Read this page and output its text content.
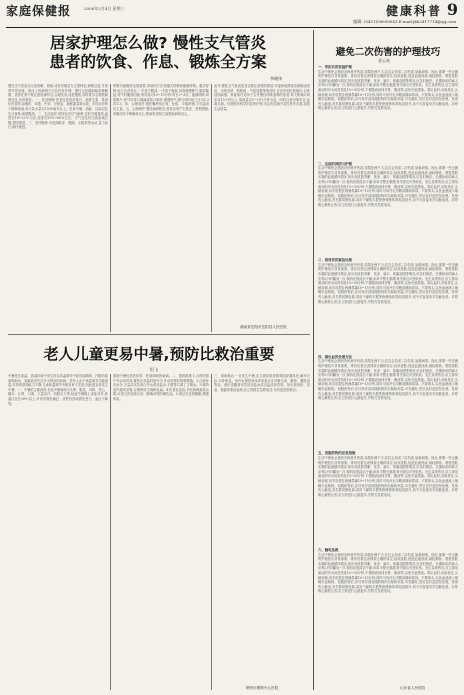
家庭保健报	2008年2月4日 星期三	健康科普 9
编辑: (0451)98658043 E-mail:jkb2417714@qq.com
居家护理怎么做? 慢性支气管炎
患者的饮食、作息、锻炼全方案
李晓伟
慢性支气管炎以反复咳嗽、咳痰,或伴有喘息为主要特征,病程迁延,冬春季节易加重。临床上将病情分为急性发作期、慢性迁延期和临床缓解期。患者在家中要注意规律作息,合理饮食,适度锻炼,同时要学会观察病情变化,及时就医。一、饮食调理 患者宜进食高蛋白、高维生素、易消化的食物,如瘦肉、鸡蛋、牛奶、豆制品、新鲜蔬菜和水果。多饮水有利于稀释痰液,每天饮水量在1500毫升以上。忌食辛辣、油腻、过咸以及生冷食物,戒烟限酒。二、生活起居 保持室内空气新鲜,定时开窗通风,温度在18~22℃为宜,湿度在50%~60%左右。天气变化时注意添减衣服,预防感冒。三、坚持锻炼 可选择散步、慢跑、太极拳等运动,量力而行,循序渐进。
呼吸功能锻炼也很重要,常用的方法有腹式呼吸和缩唇呼吸。腹式呼吸:取立位或坐位,一手放于腹部,一手放于胸部,用鼻缓慢吸气,腹部隆起,呼气时腹部回缩,每次练习10~15分钟,每日2~3次。缩唇呼吸:用鼻吸气,呼气时将口唇缩成吹口哨状,缓慢呼气,吸与呼时间之比为1:2或1:3。四、合理用药 遵医嘱使用止咳、化痰、平喘药物,不可滥用抗生素。五、心理调护 慢性病病程长,患者容易产生焦虑、悲观情绪,家属应给予理解和关心,帮助患者树立战胜疾病的信心。
此外,慢性支气管炎患者还要注意预防感冒,可接种流感疫苗和肺炎疫苗。出现发热、咳脓痰、气促加重等情况时,应及时到医院就诊,以免延误病情。家庭氧疗适用于合并慢性呼吸衰竭的患者,每天吸氧时间应在15小时以上,氧流量以1~2升/分钟为宜。同时注意用氧安全,远离火源。长期坚持科学的居家护理,可以有效减少急性发作次数,改善生活质量。
湖南省岳阳市岳阳县人民医院
老人儿童更易中暑,预防比救治重要
恒飞
中暑是在高温、高湿环境中发生的以体温调节中枢功能障碍、汗腺功能衰竭和水、电解质丢失过多为特征的疾病。老年人由于体温调节功能减退,对热的感知能力下降;儿童体温调节中枢发育不完善,因此更容易发生中暑。一、中暑的主要表现 先兆中暑表现为头晕、眼花、耳鸣、恶心、胸闷、心悸、口渴、大量出汗、四肢无力等;轻症中暑除上述症状外,体温往往在38℃以上,可伴有面色潮红、皮肤灼热或面色苍白、血压下降等。
重症中暑包括热痉挛、热衰竭和热射病。二、预防措施 1.合理安排户外活动时间,避免在高温时段外出,外出时做好防晒措施。2.注意补充水分,少量多次饮用白开水或淡盐水,不要等口渴了才喝水。3.保持室内通风凉爽,合理使用空调和电扇。4.饮食宜清淡,多吃新鲜蔬菜水果,可适当饮用绿豆汤、酸梅汤等防暑饮品。5.保证充足的睡眠,增强体质。
三、现场救治 一旦发生中暑,应立即将患者移到阴凉通风处,解开衣扣,平卧休息。用冷水擦拭身体或用湿毛巾冷敷头部、腋窝、腹股沟等处。意识清醒者可饮用淡盐水或含盐清凉饮料。如出现高热、昏迷、抽搐等重症表现,应立即拨打急救电话,尽快送医院救治。
柳州市柳铁中心医院
避免二次伤害的护理技巧
晋云英
一、骨折后的家庭护理
生活中难免会遇到各种意外伤害,如果处理不当,往往会造成二次伤害,加重病情。因此,掌握一些正确的护理技巧非常重要。骨折后要注意保持正确的体位,抬高患肢,促进血液回流,减轻肿胀。观察患肢末端的血液循环情况,如出现皮肤青紫、发凉、麻木、疼痛加剧等情况,应及时就医。长期卧床的病人应每2小时翻身一次,保持皮肤清洁干燥,床单平整无皱褶,骨突部位可垫软枕。发生烧烫伤后,应立即用流动的冷水冲洗伤处15~30分钟,不要随意涂抹牙膏、酱油等,以免引起感染。鼻出血时,应取坐位,头稍前倾,用手指捏住两侧鼻翼10~15分钟,同时可用冷毛巾敷前额和鼻部。不要仰头,以免血液流入咽喉引起呛咳。误服药物后,应尽快弄清误服药物的名称和剂量,可先催吐,然后及时送医院处理。发现有人触电,首先要切断电源,或用干燥的木棍等绝缘物体将电线挑开,切不可直接用手拉触电者。对呼吸心跳停止者,应立即进行心肺复苏,并拨打急救电话。
二、压疮的预防与护理
生活中难免会遇到各种意外伤害,如果处理不当,往往会造成二次伤害,加重病情。因此,掌握一些正确的护理技巧非常重要。骨折后要注意保持正确的体位,抬高患肢,促进血液回流,减轻肿胀。观察患肢末端的血液循环情况,如出现皮肤青紫、发凉、麻木、疼痛加剧等情况,应及时就医。长期卧床的病人应每2小时翻身一次,保持皮肤清洁干燥,床单平整无皱褶,骨突部位可垫软枕。发生烧烫伤后,应立即用流动的冷水冲洗伤处15~30分钟,不要随意涂抹牙膏、酱油等,以免引起感染。鼻出血时,应取坐位,头稍前倾,用手指捏住两侧鼻翼10~15分钟,同时可用冷毛巾敷前额和鼻部。不要仰头,以免血液流入咽喉引起呛咳。误服药物后,应尽快弄清误服药物的名称和剂量,可先催吐,然后及时送医院处理。发现有人触电,首先要切断电源,或用干燥的木棍等绝缘物体将电线挑开,切不可直接用手拉触电者。对呼吸心跳停止者,应立即进行心肺复苏,并拨打急救电话。
三、烧烫伤的紧急处理
生活中难免会遇到各种意外伤害,如果处理不当,往往会造成二次伤害,加重病情。因此,掌握一些正确的护理技巧非常重要。骨折后要注意保持正确的体位,抬高患肢,促进血液回流,减轻肿胀。观察患肢末端的血液循环情况,如出现皮肤青紫、发凉、麻木、疼痛加剧等情况,应及时就医。长期卧床的病人应每2小时翻身一次,保持皮肤清洁干燥,床单平整无皱褶,骨突部位可垫软枕。发生烧烫伤后,应立即用流动的冷水冲洗伤处15~30分钟,不要随意涂抹牙膏、酱油等,以免引起感染。鼻出血时,应取坐位,头稍前倾,用手指捏住两侧鼻翼10~15分钟,同时可用冷毛巾敷前额和鼻部。不要仰头,以免血液流入咽喉引起呛咳。误服药物后,应尽快弄清误服药物的名称和剂量,可先催吐,然后及时送医院处理。发现有人触电,首先要切断电源,或用干燥的木棍等绝缘物体将电线挑开,切不可直接用手拉触电者。对呼吸心跳停止者,应立即进行心肺复苏,并拨打急救电话。
四、鼻出血的处理方法
生活中难免会遇到各种意外伤害,如果处理不当,往往会造成二次伤害,加重病情。因此,掌握一些正确的护理技巧非常重要。骨折后要注意保持正确的体位,抬高患肢,促进血液回流,减轻肿胀。观察患肢末端的血液循环情况,如出现皮肤青紫、发凉、麻木、疼痛加剧等情况,应及时就医。长期卧床的病人应每2小时翻身一次,保持皮肤清洁干燥,床单平整无皱褶,骨突部位可垫软枕。发生烧烫伤后,应立即用流动的冷水冲洗伤处15~30分钟,不要随意涂抹牙膏、酱油等,以免引起感染。鼻出血时,应取坐位,头稍前倾,用手指捏住两侧鼻翼10~15分钟,同时可用冷毛巾敷前额和鼻部。不要仰头,以免血液流入咽喉引起呛咳。误服药物后,应尽快弄清误服药物的名称和剂量,可先催吐,然后及时送医院处理。发现有人触电,首先要切断电源,或用干燥的木棍等绝缘物体将电线挑开,切不可直接用手拉触电者。对呼吸心跳停止者,应立即进行心肺复苏,并拨打急救电话。
五、误服药物的应急措施
生活中难免会遇到各种意外伤害,如果处理不当,往往会造成二次伤害,加重病情。因此,掌握一些正确的护理技巧非常重要。骨折后要注意保持正确的体位,抬高患肢,促进血液回流,减轻肿胀。观察患肢末端的血液循环情况,如出现皮肤青紫、发凉、麻木、疼痛加剧等情况,应及时就医。长期卧床的病人应每2小时翻身一次,保持皮肤清洁干燥,床单平整无皱褶,骨突部位可垫软枕。发生烧烫伤后,应立即用流动的冷水冲洗伤处15~30分钟,不要随意涂抹牙膏、酱油等,以免引起感染。鼻出血时,应取坐位,头稍前倾,用手指捏住两侧鼻翼10~15分钟,同时可用冷毛巾敷前额和鼻部。不要仰头,以免血液流入咽喉引起呛咳。误服药物后,应尽快弄清误服药物的名称和剂量,可先催吐,然后及时送医院处理。发现有人触电,首先要切断电源,或用干燥的木棍等绝缘物体将电线挑开,切不可直接用手拉触电者。对呼吸心跳停止者,应立即进行心肺复苏,并拨打急救电话。
六、触电急救
生活中难免会遇到各种意外伤害,如果处理不当,往往会造成二次伤害,加重病情。因此,掌握一些正确的护理技巧非常重要。骨折后要注意保持正确的体位,抬高患肢,促进血液回流,减轻肿胀。观察患肢末端的血液循环情况,如出现皮肤青紫、发凉、麻木、疼痛加剧等情况,应及时就医。长期卧床的病人应每2小时翻身一次,保持皮肤清洁干燥,床单平整无皱褶,骨突部位可垫软枕。发生烧烫伤后,应立即用流动的冷水冲洗伤处15~30分钟,不要随意涂抹牙膏、酱油等,以免引起感染。鼻出血时,应取坐位,头稍前倾,用手指捏住两侧鼻翼10~15分钟,同时可用冷毛巾敷前额和鼻部。不要仰头,以免血液流入咽喉引起呛咳。误服药物后,应尽快弄清误服药物的名称和剂量,可先催吐,然后及时送医院处理。发现有人触电,首先要切断电源,或用干燥的木棍等绝缘物体将电线挑开,切不可直接用手拉触电者。对呼吸心跳停止者,应立即进行心肺复苏,并拨打急救电话。
山东省人民医院
